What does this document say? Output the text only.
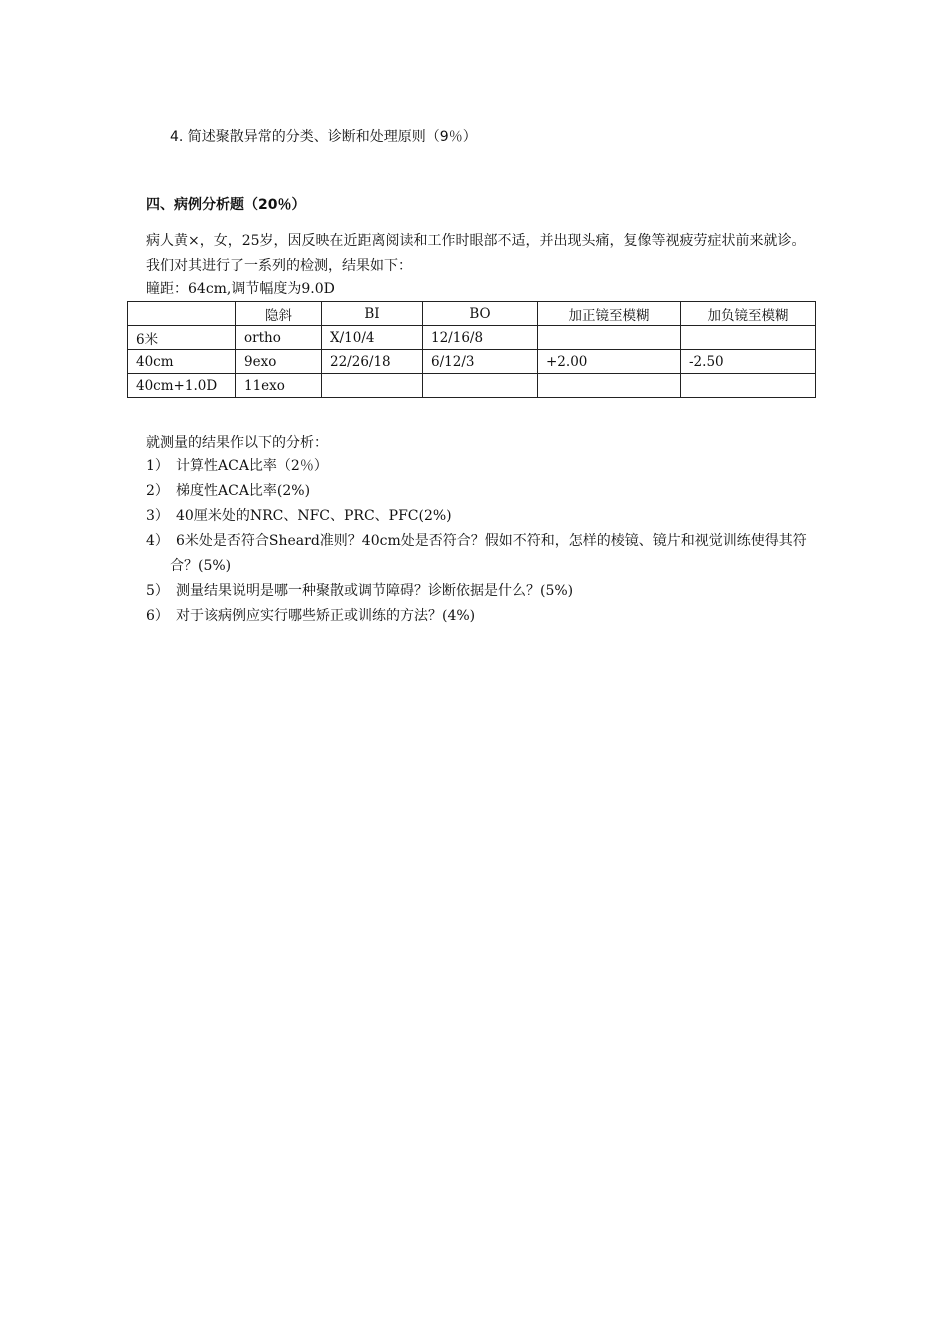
4. 简述聚散异常的分类、诊断和处理原则（9％）
四、病例分析题（20％）
病人黄×，女，25岁，因反映在近距离阅读和工作时眼部不适，并出现头痛，复像等视疲劳症状前来就诊。我们对其进行了一系列的检测，结果如下：
瞳距：64cm,调节幅度为9.0D
	隐斜	BI	BO	加正镜至模糊	加负镜至模糊
6米	ortho	X/10/4	12/16/8		
40cm	9exo	22/26/18	6/12/3	+2.00	-2.50
40cm+1.0D	11exo				
就测量的结果作以下的分析：
1） 计算性ACA比率（2％）
2） 梯度性ACA比率(2%)
3） 40厘米处的NRC、NFC、PRC、PFC(2%)
4） 6米处是否符合Sheard准则？40cm处是否符合？假如不符和，怎样的棱镜、镜片和视觉训练使得其符合？(5%)
5） 测量结果说明是哪一种聚散或调节障碍？诊断依据是什么？(5%)
6） 对于该病例应实行哪些矫正或训练的方法？(4%)
